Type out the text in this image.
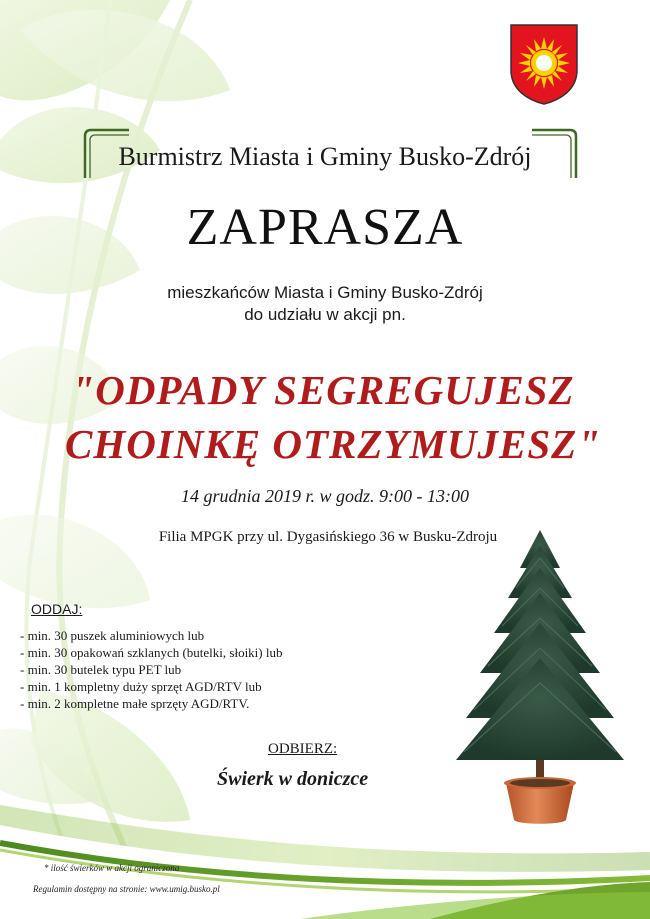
Burmistrz Miasta i Gminy Busko-Zdrój
ZAPRASZA
mieszkańców Miasta i Gminy Busko-Zdrój
do udziału w akcji pn.
"ODPADY SEGREGUJESZ
CHOINKĘ OTRZYMUJESZ"
14 grudnia 2019 r. w godz. 9:00 - 13:00
Filia MPGK przy ul. Dygasińskiego 36 w Busku-Zdroju
ODDAJ:
- min. 30 puszek aluminiowych lub
- min. 30 opakowań szklanych (butelki, słoiki) lub
- min. 30 butelek typu PET lub
- min. 1 kompletny duży sprzęt AGD/RTV lub
- min. 2 kompletne małe sprzęty AGD/RTV.
ODBIERZ:
Świerk w doniczce
* ilość świerków w akcji ograniczona
Regulamin dostępny na stronie: www.umig.busko.pl
